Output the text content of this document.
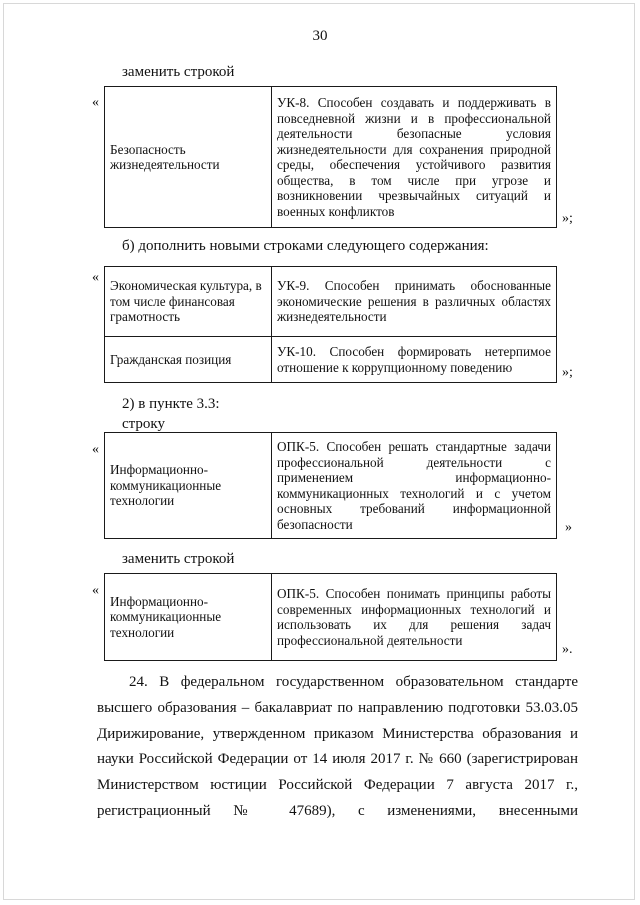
30
заменить строкой
«
Безопасность жизнедеятельности	УК-8. Способен создавать и поддерживать в повседневной жизни и в профессиональной деятельности безопасные условия жизнедеятельности для сохранения природной среды, обеспечения устойчивого развития общества, в том числе при угрозе и возникновении чрезвычайных ситуаций и военных конфликтов	»;
б) дополнить новыми строками следующего содержания:
«
Экономическая культура, в том числе финансовая грамотность	УК-9. Способен принимать обоснованные экономические решения в различных областях жизнедеятельности
Гражданская позиция	УК-10. Способен формировать нетерпимое отношение к коррупционному поведению	»;
2) в пункте 3.3:
строку
«
Информационно-коммуникационные технологии	ОПК-5. Способен решать стандартные задачи профессиональной деятельности с применением информационно-коммуникационных технологий и с учетом основных требований информационной безопасности	»
заменить строкой
«
Информационно-коммуникационные технологии	ОПК-5. Способен понимать принципы работы современных информационных технологий и использовать их для решения задач профессиональной деятельности
».

24. В федеральном государственном образовательном стандарте высшего образования – бакалавриат по направлению подготовки 53.03.05 Дирижирование, утвержденном приказом Министерства образования и науки Российской Федерации от 14 июля 2017 г. № 660 (зарегистрирован Министерством юстиции Российской Федерации 7 августа 2017 г., регистрационный № 47689), с изменениями, внесенными
